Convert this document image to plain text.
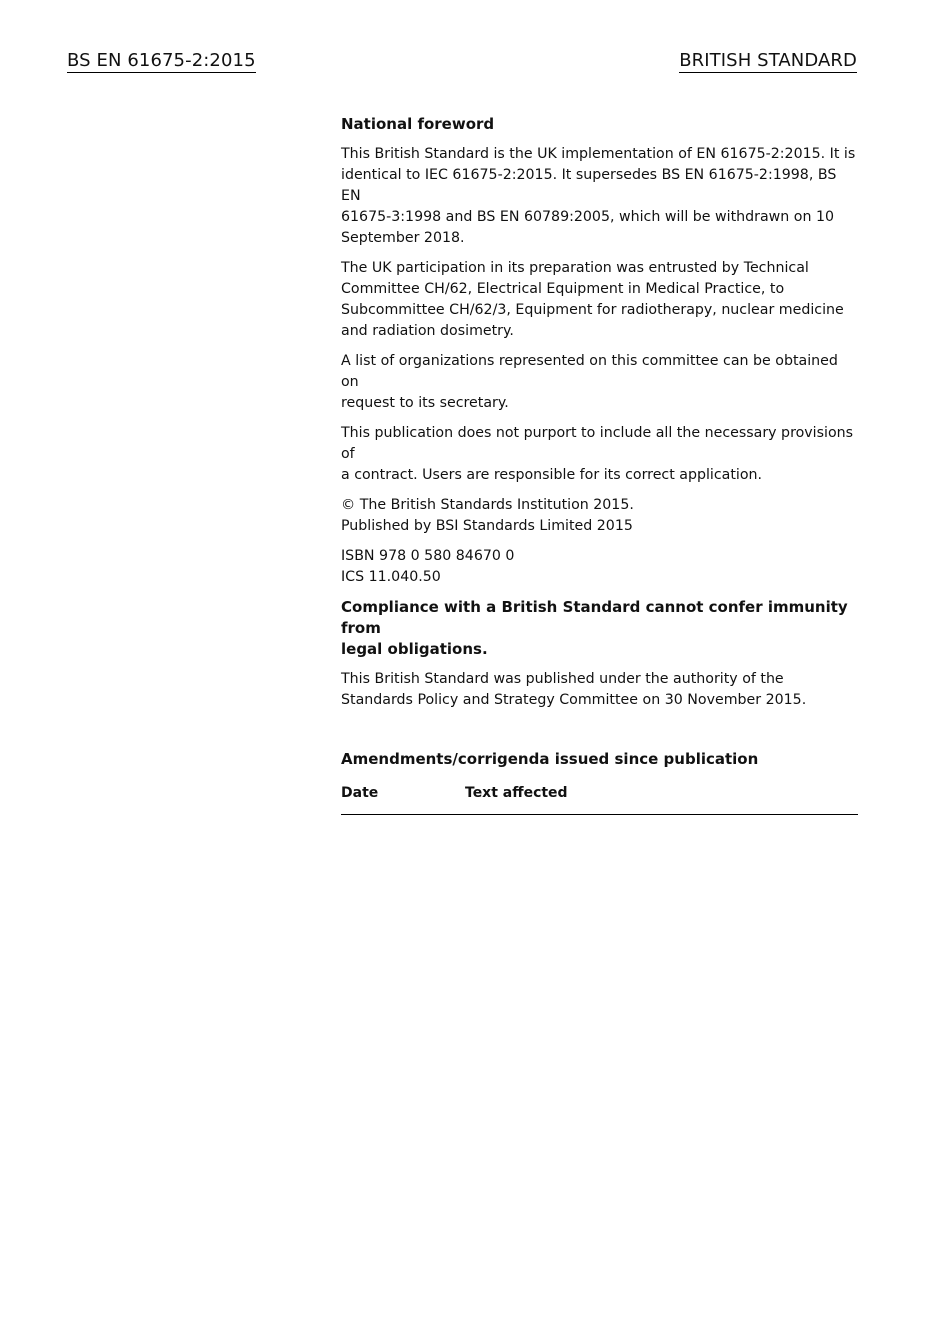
BS EN 61675-2:2015	BRITISH STANDARD
National foreword

This British Standard is the UK implementation of EN 61675-2:2015. It is
identical to IEC 61675-2:2015. It supersedes BS EN 61675-2:1998, BS EN
61675-3:1998 and BS EN 60789:2005, which will be withdrawn on 10
September 2018.

The UK participation in its preparation was entrusted by Technical
Committee CH/62, Electrical Equipment in Medical Practice, to
Subcommittee CH/62/3, Equipment for radiotherapy, nuclear medicine
and radiation dosimetry.

A list of organizations represented on this committee can be obtained on
request to its secretary.

This publication does not purport to include all the necessary provisions of
a contract. Users are responsible for its correct application.

© The British Standards Institution 2015.
Published by BSI Standards Limited 2015

ISBN 978 0 580 84670 0
ICS 11.040.50

Compliance with a British Standard cannot confer immunity from
legal obligations.

This British Standard was published under the authority of the
Standards Policy and Strategy Committee on 30 November 2015.

Amendments/corrigenda issued since publication
Date	Text affected
